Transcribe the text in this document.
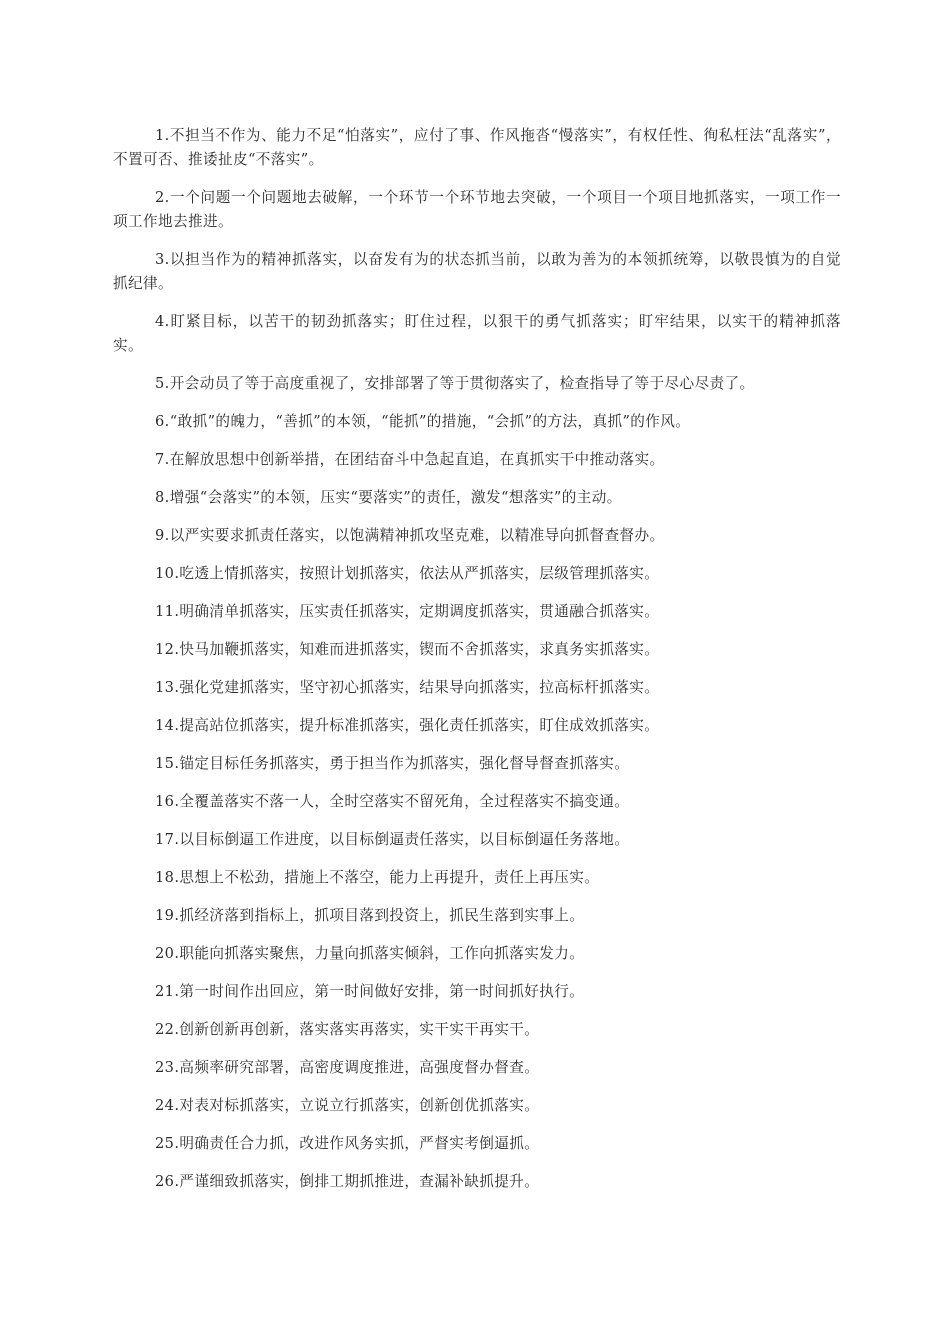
1.不担当不作为、能力不足“怕落实”，应付了事、作风拖沓“慢落实”，有权任性、徇私枉法“乱落实”，不置可否、推诿扯皮“不落实”。

2.一个问题一个问题地去破解，一个环节一个环节地去突破，一个项目一个项目地抓落实，一项工作一项工作地去推进。

3.以担当作为的精神抓落实，以奋发有为的状态抓当前，以敢为善为的本领抓统筹，以敬畏慎为的自觉抓纪律。

4.盯紧目标，以苦干的韧劲抓落实；盯住过程，以狠干的勇气抓落实；盯牢结果，以实干的精神抓落实。

5.开会动员了等于高度重视了，安排部署了等于贯彻落实了，检查指导了等于尽心尽责了。

6.“敢抓”的魄力，“善抓”的本领，“能抓”的措施，“会抓”的方法，真抓”的作风。

7.在解放思想中创新举措，在团结奋斗中急起直追，在真抓实干中推动落实。

8.增强“会落实”的本领，压实“要落实”的责任，激发“想落实”的主动。

9.以严实要求抓责任落实，以饱满精神抓攻坚克难，以精准导向抓督查督办。

10.吃透上情抓落实，按照计划抓落实，依法从严抓落实，层级管理抓落实。

11.明确清单抓落实，压实责任抓落实，定期调度抓落实，贯通融合抓落实。

12.快马加鞭抓落实，知难而进抓落实，锲而不舍抓落实，求真务实抓落实。

13.强化党建抓落实，坚守初心抓落实，结果导向抓落实，拉高标杆抓落实。

14.提高站位抓落实，提升标准抓落实，强化责任抓落实，盯住成效抓落实。

15.锚定目标任务抓落实，勇于担当作为抓落实，强化督导督查抓落实。

16.全覆盖落实不落一人，全时空落实不留死角，全过程落实不搞变通。

17.以目标倒逼工作进度，以目标倒逼责任落实，以目标倒逼任务落地。

18.思想上不松劲，措施上不落空，能力上再提升，责任上再压实。

19.抓经济落到指标上，抓项目落到投资上，抓民生落到实事上。

20.职能向抓落实聚焦，力量向抓落实倾斜，工作向抓落实发力。

21.第一时间作出回应，第一时间做好安排，第一时间抓好执行。

22.创新创新再创新，落实落实再落实，实干实干再实干。

23.高频率研究部署，高密度调度推进，高强度督办督查。

24.对表对标抓落实，立说立行抓落实，创新创优抓落实。

25.明确责任合力抓，改进作风务实抓，严督实考倒逼抓。

26.严谨细致抓落实，倒排工期抓推进，查漏补缺抓提升。
